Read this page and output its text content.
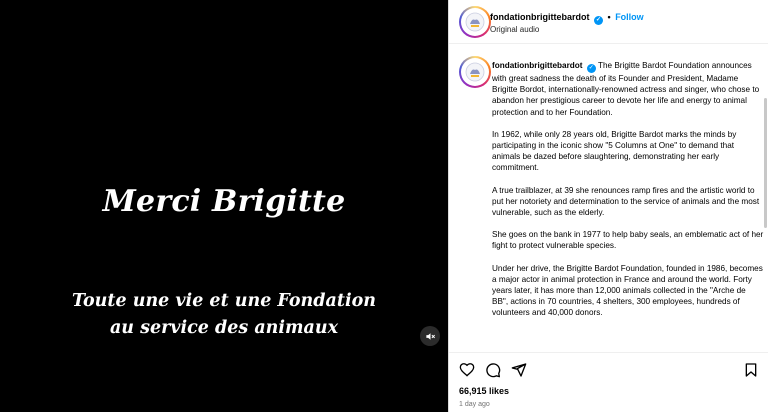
Merci Brigitte
Toute une vie et une Fondation
au service des animaux
fondationbrigittebardot ✓ • Follow
Original audio

fondationbrigittebardot ✓ The Brigitte Bardot Foundation announces with great sadness the death of its Founder and President, Madame Brigitte Bordot, internationally-renowned actress and singer, who chose to abandon her prestigious career to devote her life and energy to animal protection and to her Foundation.

In 1962, while only 28 years old, Brigitte Bardot marks the minds by participating in the iconic show "5 Columns at One" to demand that animals be dazed before slaughtering, demonstrating her early commitment.

A true trailblazer, at 39 she renounces ramp fires and the artistic world to put her notoriety and determination to the service of animals and the most vulnerable, such as the elderly.

She goes on the bank in 1977 to help baby seals, an emblematic act of her fight to protect vulnerable species.

Under her drive, the Brigitte Bardot Foundation, founded in 1986, becomes a major actor in animal protection in France and around the world. Forty years later, it has more than 12,000 animals collected in the "Arche de BB", actions in 70 countries, 4 shelters, 300 employees, hundreds of volunteers and 40,000 donors.

66,915 likes
1 day ago
